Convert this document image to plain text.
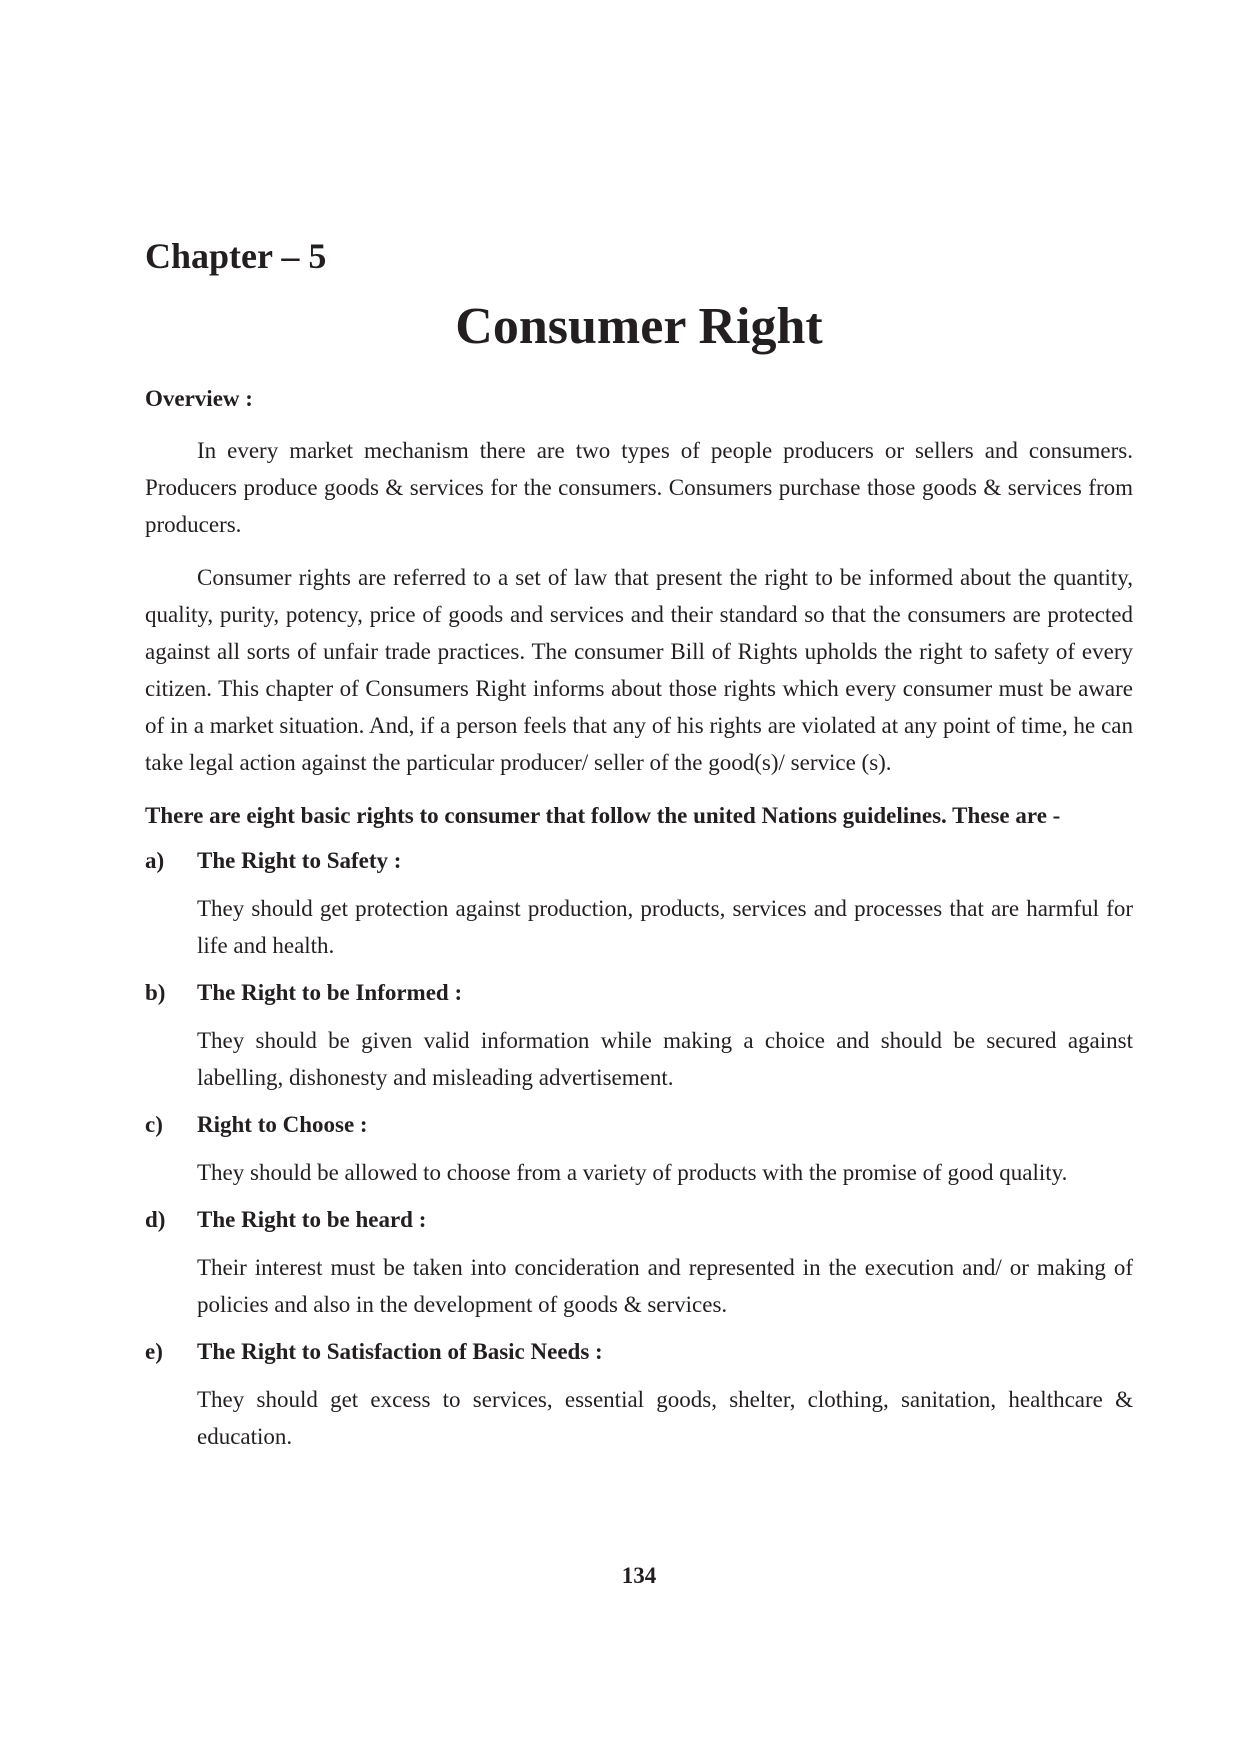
Chapter – 5
Consumer Right
Overview :

In every market mechanism there are two types of people producers or sellers and consumers. Producers produce goods & services for the consumers. Consumers purchase those goods & services from producers.

Consumer rights are referred to a set of law that present the right to be informed about the quantity, quality, purity, potency, price of goods and services and their standard so that the consumers are protected against all sorts of unfair trade practices. The consumer Bill of Rights upholds the right to safety of every citizen. This chapter of Consumers Right informs about those rights which every consumer must be aware of in a market situation. And, if a person feels that any of his rights are violated at any point of time, he can take legal action against the particular producer/ seller of the good(s)/ service (s).

There are eight basic rights to consumer that follow the united Nations guidelines. These are -
a)	The Right to Safety :
They should get protection against production, products, services and processes that are harmful for life and health.
b)	The Right to be Informed :
They should be given valid information while making a choice and should be secured against labelling, dishonesty and misleading advertisement.
c)	Right to Choose :
They should be allowed to choose from a variety of products with the promise of good quality.
d)	The Right to be heard :
Their interest must be taken into concideration and represented in the execution and/ or making of policies and also in the development of goods & services.
e)	The Right to Satisfaction of Basic Needs :
They should get excess to services, essential goods, shelter, clothing, sanitation, healthcare & education.
134
